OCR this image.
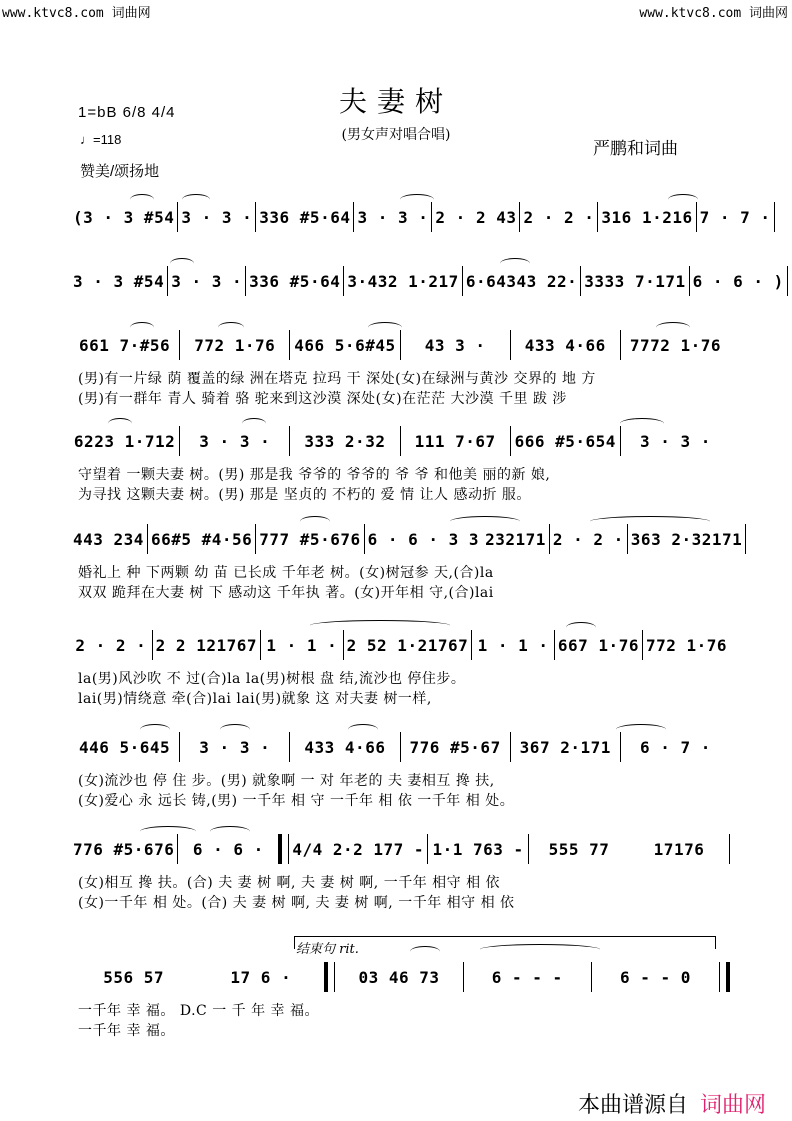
www.ktvc8.com 词曲网	www.ktvc8.com 词曲网
夫妻树
(男女声对唱合唱)
1=bB 6/8 4/4
♩=118
赞美/颂扬地
严鹏和词曲
(3 · 3 #54 3 · 3 · 336 #5·64 3 · 3 · 2 · 2 43 2 · 2 · 316 1·216 7 · 7 ·
3 · 3 #54 3 · 3 · 336 #5·64 3·432 1·217 6·64343 22· 3333 7·171 6 · 6 · )
661 7·#56	772 1·76	466 5·6#45	43 3 ·	433 4·66	7772 1·76
(男)有一片绿 荫 覆盖的绿 洲在塔克 拉玛 干 深处(女)在绿洲与黄沙 交界的 地 方
(男)有一群年 青人 骑着 骆 驼来到这沙漠 深处(女)在茫茫 大沙漠 千里 跋 涉
6223 1·712	3 · 3 ·	333 2·32	111 7·67	666 #5·654	3 · 3 ·
守望着 一颗夫妻 树。(男) 那是我 爷爷的 爷爷的 爷 爷 和他美 丽的新 娘,
为寻找 这颗夫妻 树。(男) 那是 坚贞的 不朽的 爱 情 让人 感动折 服。
443 234 66#5 #4·56 777 #5·676 6 · 6 · 3 3 232171 2 · 2 · 363 2·32171
婚礼上 种 下两颗 幼 苗 已长成 千年老 树。(女)树冠参 天,(合)la
双双 跪拜在大妻 树 下 感动这 千年执 著。(女)开年相 守,(合)lai
2 · 2 · 2 2 121767 1 · 1 · 2 52 1·21767 1 · 1 · 667 1·76 772 1·76
la(男)风沙吹 不 过(合)la la(男)树根 盘 结,流沙也 停住步。
lai(男)情绕意 牵(合)lai lai(男)就象 这 对夫妻 树一样,
446 5·645	3 · 3 ·	433 4·66	776 #5·67	367 2·171	6 · 7 ·
(女)流沙也 停 住 步。(男) 就象啊 一 对 年老的 夫 妻相互 搀 扶,
(女)爱心 永 远长 铸,(男) 一千年 相 守 一千年 相 依 一千年 相 处。
776 #5·676	6 · 6 ·	4/4 2·2 177 - 1·1 763 -	555 77	17176
(女)相互 搀 扶。(合) 夫 妻 树 啊, 夫 妻 树 啊, 一千年 相守 相 依
(女)一千年 相 处。(合) 夫 妻 树 啊, 夫 妻 树 啊, 一千年 相守 相 依
结束句 rit.
556 57	17 6 ·	03 46 73	6 - - -	6 - - 0
一千年 幸 福。 D.C 一 千 年 幸 福。
一千年 幸 福。
本曲谱源自 词曲网
